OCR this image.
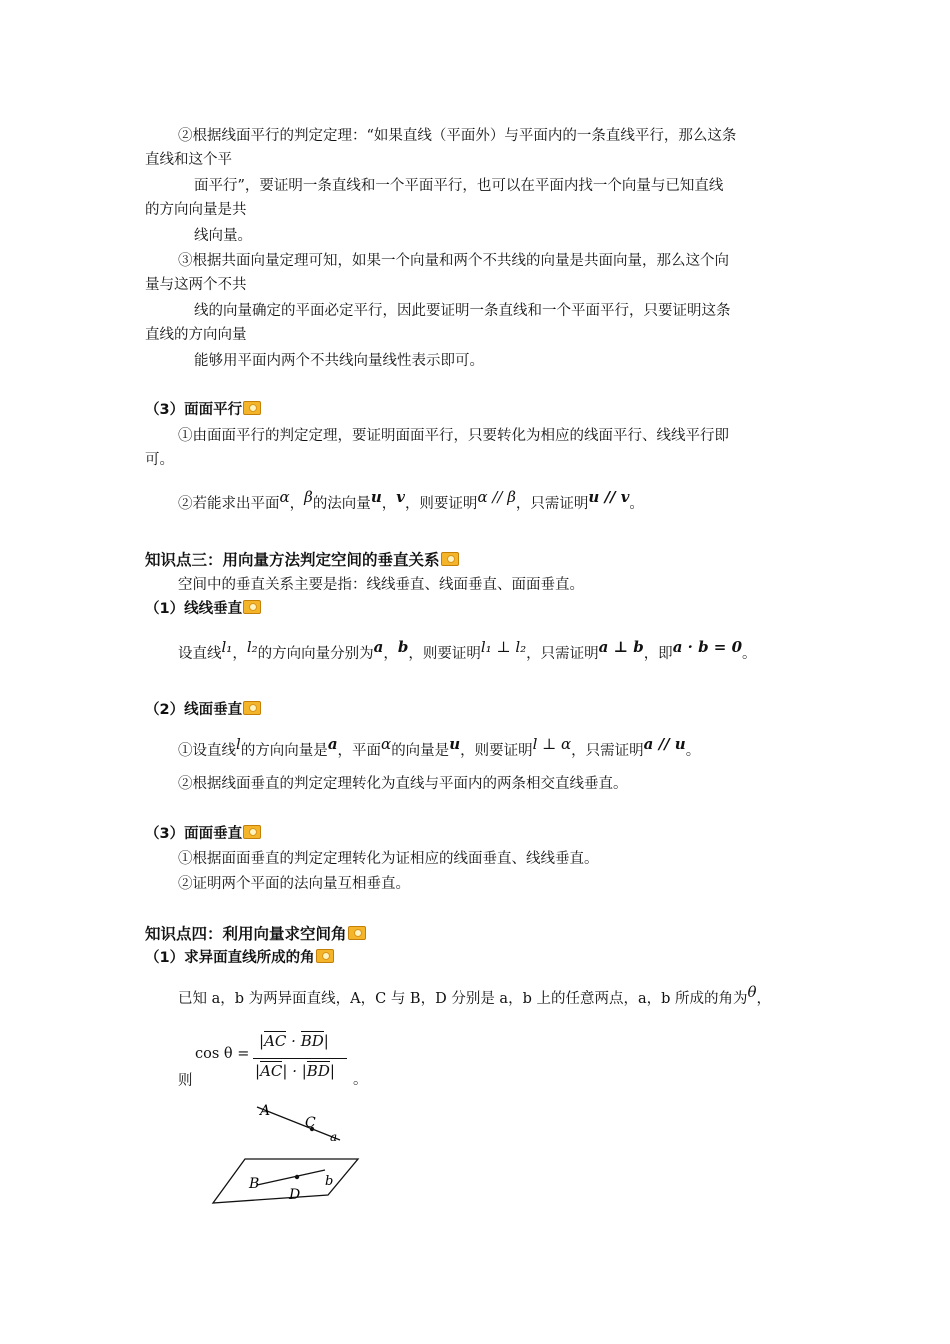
②根据线面平行的判定定理：“如果直线（平面外）与平面内的一条直线平行，那么这条
直线和这个平
面平行”，要证明一条直线和一个平面平行，也可以在平面内找一个向量与已知直线
的方向向量是共
线向量。
③根据共面向量定理可知，如果一个向量和两个不共线的向量是共面向量，那么这个向
量与这两个不共
线的向量确定的平面必定平行，因此要证明一条直线和一个平面平行，只要证明这条
直线的方向向量
能够用平面内两个不共线向量线性表示即可。
（3）面面平行
①由面面平行的判定定理，要证明面面平行，只要转化为相应的线面平行、线线平行即
可。
②若能求出平面α，β的法向量u，v，则要证明α // β，只需证明u // v。
知识点三：用向量方法判定空间的垂直关系
空间中的垂直关系主要是指：线线垂直、线面垂直、面面垂直。
（1）线线垂直
设直线l₁，l₂的方向向量分别为a，b，则要证明l₁ ⊥ l₂，只需证明a ⊥ b，即a · b = 0。
（2）线面垂直
①设直线l的方向向量是a，平面α的向量是u，则要证明l ⊥ α，只需证明a // u。
②根据线面垂直的判定定理转化为直线与平面内的两条相交直线垂直。
（3）面面垂直
①根据面面垂直的判定定理转化为证相应的线面垂直、线线垂直。
②证明两个平面的法向量互相垂直。
知识点四：利用向量求空间角
（1）求异面直线所成的角
已知 a，b 为两异面直线，A，C 与 B，D 分别是 a，b 上的任意两点，a，b 所成的角为θ，
则
cos θ =
|AC · BD|
|AC| · |BD| 。
A
C
a
B
D
b
